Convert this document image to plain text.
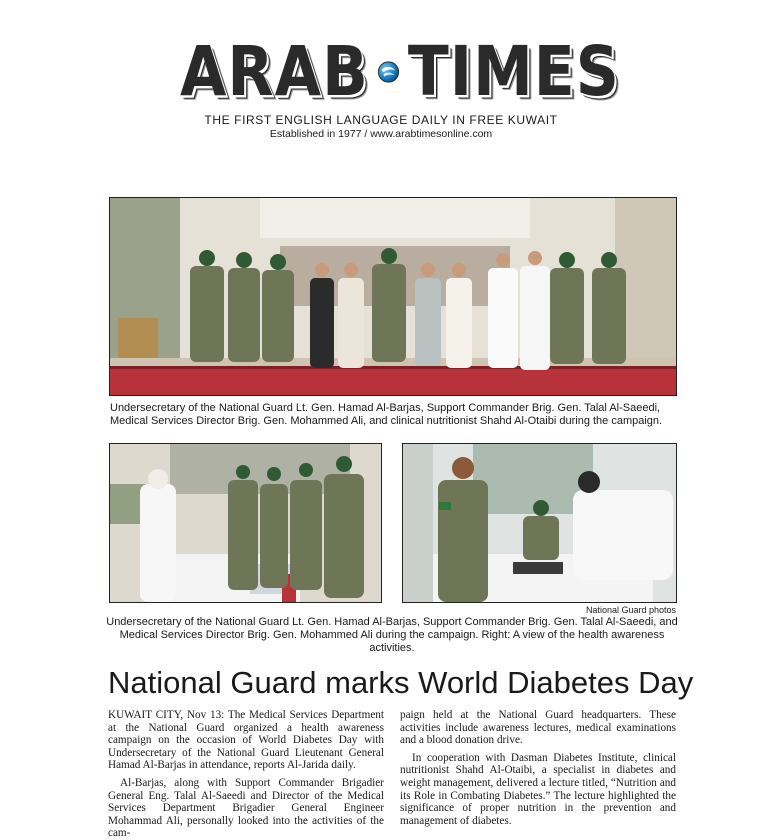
ARAB TIMES
THE FIRST ENGLISH LANGUAGE DAILY IN FREE KUWAIT
Established in 1977 / www.arabtimesonline.com
Undersecretary of the National Guard Lt. Gen. Hamad Al-Barjas, Support Commander Brig. Gen. Talal Al-Saeedi, Medical Services Director Brig. Gen. Mohammed Ali, and clinical nutritionist Shahd Al-Otaibi during the campaign.
National Guard photos
Undersecretary of the National Guard Lt. Gen. Hamad Al-Barjas, Support Commander Brig. Gen. Talal Al-Saeedi, and Medical Services Director Brig. Gen. Mohammed Ali during the campaign. Right: A view of the health awareness activities.
National Guard marks World Diabetes Day

KUWAIT CITY, Nov 13: The Medical Services Department at the National Guard organized a health awareness campaign on the occasion of World Diabetes Day with Undersecretary of the National Guard Lieutenant General Hamad Al-Barjas in attendance, reports Al-Jarida daily.

Al-Barjas, along with Support Commander Brigadier General Eng. Talal Al-Saeedi and Director of the Medical Services Department Brigadier General Engineer Mohammad Ali, personally looked into the activities of the cam-

paign held at the National Guard headquarters. These activities include awareness lectures, medical examinations and a blood donation drive.

In cooperation with Dasman Diabetes Institute, clinical nutritionist Shahd Al-Otaibi, a specialist in diabetes and weight management, delivered a lecture titled, “Nutrition and its Role in Combating Diabetes.” The lecture highlighted the significance of proper nutrition in the prevention and management of diabetes.
